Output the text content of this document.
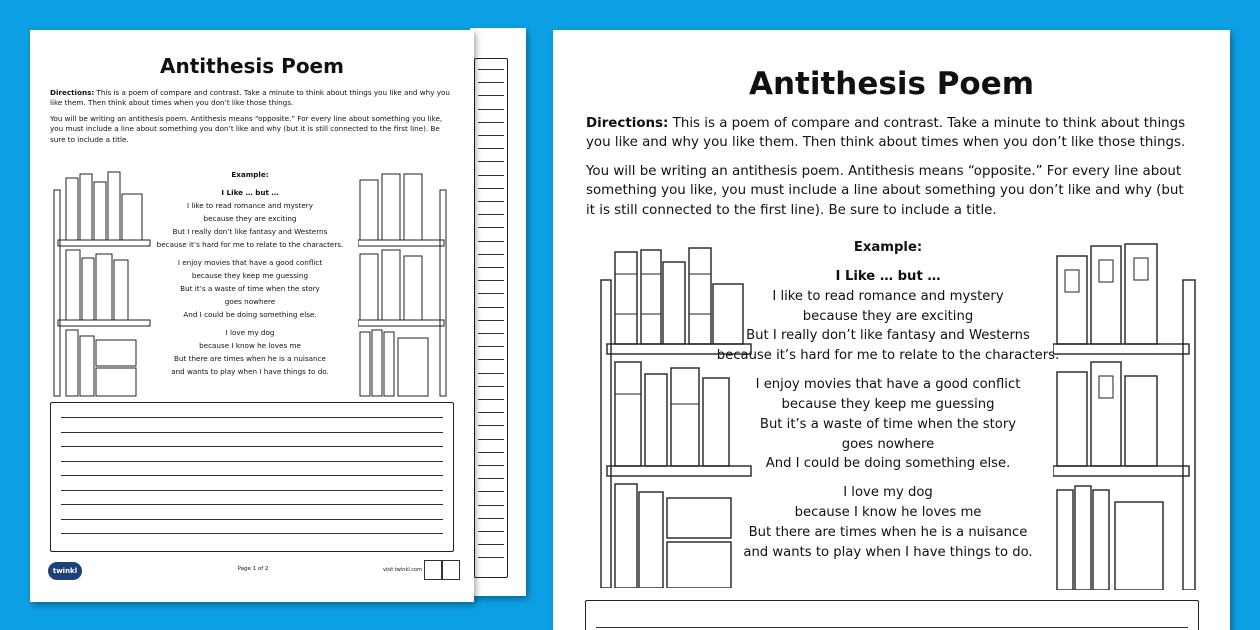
Antithesis Poem
Directions: This is a poem of compare and contrast. Take a minute to think about things you like and why you like them. Then think about times when you don’t like those things.
You will be writing an antithesis poem. Antithesis means “opposite.” For every line about something you like, you must include a line about something you don’t like and why (but it is still connected to the first line). Be sure to include a title.
Example:
I Like … but …
I like to read romance and mystery
because they are exciting
But I really don’t like fantasy and Westerns
because it’s hard for me to relate to the characters.
I enjoy movies that have a good conflict
because they keep me guessing
But it’s a waste of time when the story
goes nowhere
And I could be doing something else.
I love my dog
because I know he loves me
But there are times when he is a nuisance
and wants to play when I have things to do.
twinkl	Page 1 of 2	visit twinkl.com
Antithesis Poem
Directions: This is a poem of compare and contrast. Take a minute to think about things you like and why you like them. Then think about times when you don’t like those things.
You will be writing an antithesis poem. Antithesis means “opposite.” For every line about something you like, you must include a line about something you don’t like and why (but it is still connected to the first line). Be sure to include a title.
Example:
I Like … but …
I like to read romance and mystery
because they are exciting
But I really don’t like fantasy and Westerns
because it’s hard for me to relate to the characters.
I enjoy movies that have a good conflict
because they keep me guessing
But it’s a waste of time when the story
goes nowhere
And I could be doing something else.
I love my dog
because I know he loves me
But there are times when he is a nuisance
and wants to play when I have things to do.
